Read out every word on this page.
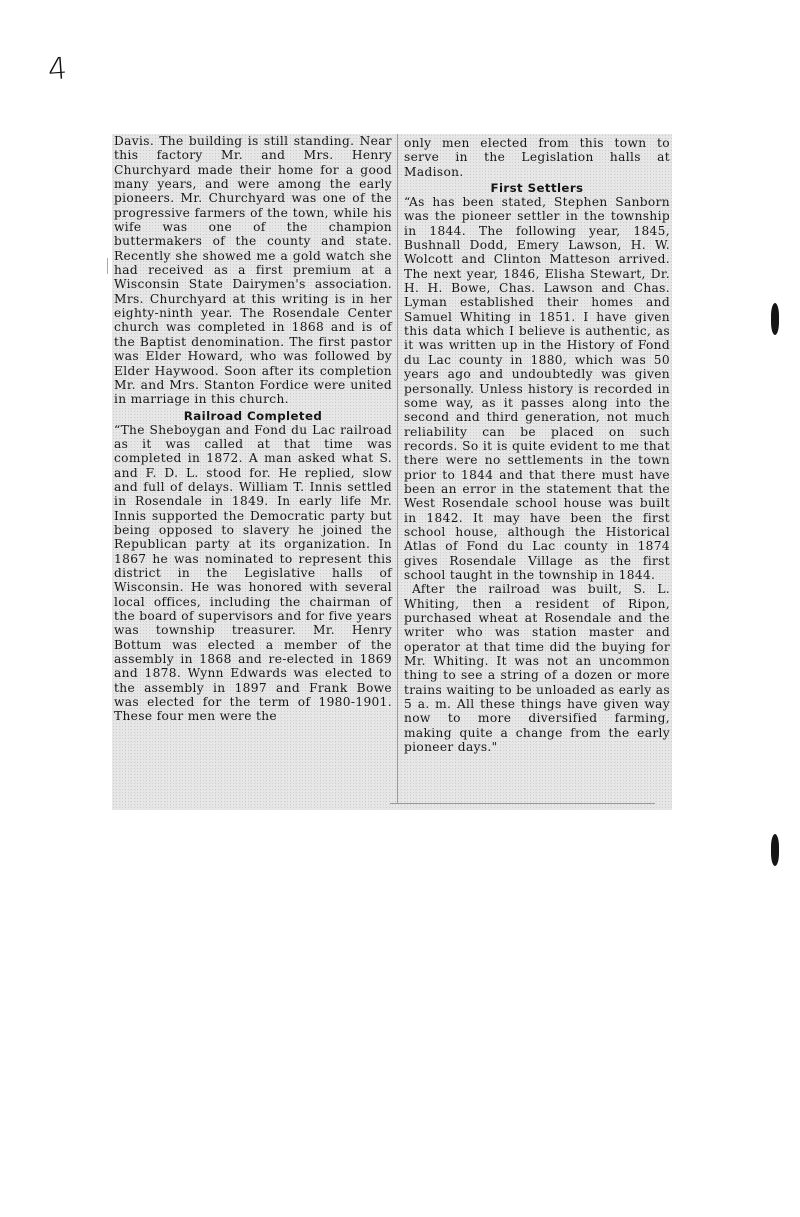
4

Davis. The building is still standing. Near this factory Mr. and Mrs. Henry Churchyard made their home for a good many years, and were among the early pioneers. Mr. Churchyard was one of the progressive farmers of the town, while his wife was one of the champion buttermakers of the county and state. Recently she showed me a gold watch she had received as a first premium at a Wisconsin State Dairymen's association. Mrs. Churchyard at this writing is in her eighty-ninth year. The Rosendale Center church was completed in 1868 and is of the Baptist denomination. The first pastor was Elder Howard, who was followed by Elder Haywood. Soon after its completion Mr. and Mrs. Stanton Fordice were united in marriage in this church.

Railroad Completed

“The Sheboygan and Fond du Lac railroad as it was called at that time was completed in 1872. A man asked what S. and F. D. L. stood for. He replied, slow and full of delays. William T. Innis settled in Rosendale in 1849. In early life Mr. Innis supported the Democratic party but being opposed to slavery he joined the Republican party at its organization. In 1867 he was nominated to represent this district in the Legislative halls of Wisconsin. He was honored with several local offices, including the chairman of the board of supervisors and for five years was township treasurer. Mr. Henry Bottum was elected a member of the assembly in 1868 and re-elected in 1869 and 1878. Wynn Edwards was elected to the assembly in 1897 and Frank Bowe was elected for the term of 1980-1901. These four men were the

only men elected from this town to serve in the Legislation halls at Madison.

First Settlers

“As has been stated, Stephen Sanborn was the pioneer settler in the township in 1844. The following year, 1845, Bushnall Dodd, Emery Lawson, H. W. Wolcott and Clinton Matteson arrived. The next year, 1846, Elisha Stewart, Dr. H. H. Bowe, Chas. Lawson and Chas. Lyman established their homes and Samuel Whiting in 1851. I have given this data which I believe is authentic, as it was written up in the History of Fond du Lac county in 1880, which was 50 years ago and undoubtedly was given personally. Unless history is recorded in some way, as it passes along into the second and third generation, not much reliability can be placed on such records. So it is quite evident to me that there were no settlements in the town prior to 1844 and that there must have been an error in the statement that the West Rosendale school house was built in 1842. It may have been the first school house, although the Historical Atlas of Fond du Lac county in 1874 gives Rosendale Village as the first school taught in the township in 1844.

After the railroad was built, S. L. Whiting, then a resident of Ripon, purchased wheat at Rosendale and the writer who was station master and operator at that time did the buying for Mr. Whiting. It was not an uncommon thing to see a string of a dozen or more trains waiting to be unloaded as early as 5 a. m. All these things have given way now to more diversified farming, making quite a change from the early pioneer days."
